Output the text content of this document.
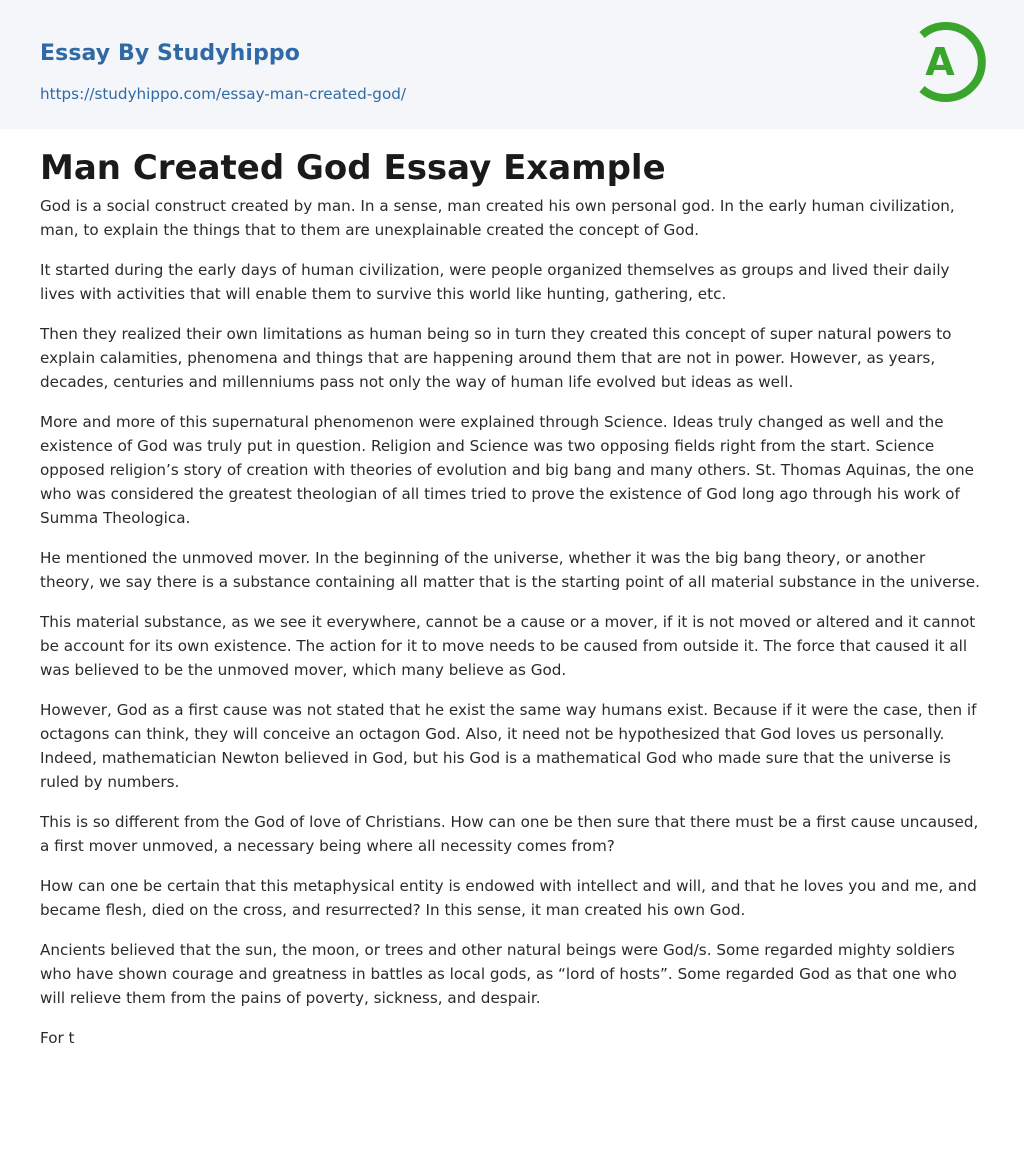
Essay By Studyhippo
https://studyhippo.com/essay-man-created-god/
A
Man Created God Essay Example

God is a social construct created by man. In a sense, man created his own personal god. In the early human civilization, man, to explain the things that to them are unexplainable created the concept of God.

It started during the early days of human civilization, were people organized themselves as groups and lived their daily lives with activities that will enable them to survive this world like hunting, gathering, etc.

Then they realized their own limitations as human being so in turn they created this concept of super natural powers to explain calamities, phenomena and things that are happening around them that are not in power. However, as years, decades, centuries and millenniums pass not only the way of human life evolved but ideas as well.

More and more of this supernatural phenomenon were explained through Science. Ideas truly changed as well and the existence of God was truly put in question. Religion and Science was two opposing fields right from the start. Science opposed religion’s story of creation with theories of evolution and big bang and many others. St. Thomas Aquinas, the one who was considered the greatest theologian of all times tried to prove the existence of God long ago through his work of Summa Theologica.

He mentioned the unmoved mover. In the beginning of the universe, whether it was the big bang theory, or another theory, we say there is a substance containing all matter that is the starting point of all material substance in the universe.

This material substance, as we see it everywhere, cannot be a cause or a mover, if it is not moved or altered and it cannot be account for its own existence. The action for it to move needs to be caused from outside it. The force that caused it all was believed to be the unmoved mover, which many believe as God.

However, God as a first cause was not stated that he exist the same way humans exist. Because if it were the case, then if octagons can think, they will conceive an octagon God. Also, it need not be hypothesized that God loves us personally. Indeed, mathematician Newton believed in God, but his God is a mathematical God who made sure that the universe is ruled by numbers.

This is so different from the God of love of Christians. How can one be then sure that there must be a first cause uncaused, a first mover unmoved, a necessary being where all necessity comes from?

How can one be certain that this metaphysical entity is endowed with intellect and will, and that he loves you and me, and became flesh, died on the cross, and resurrected? In this sense, it man created his own God.

Ancients believed that the sun, the moon, or trees and other natural beings were God/s. Some regarded mighty soldiers who have shown courage and greatness in battles as local gods, as “lord of hosts”. Some regarded God as that one who will relieve them from the pains of poverty, sickness, and despair.

For t
